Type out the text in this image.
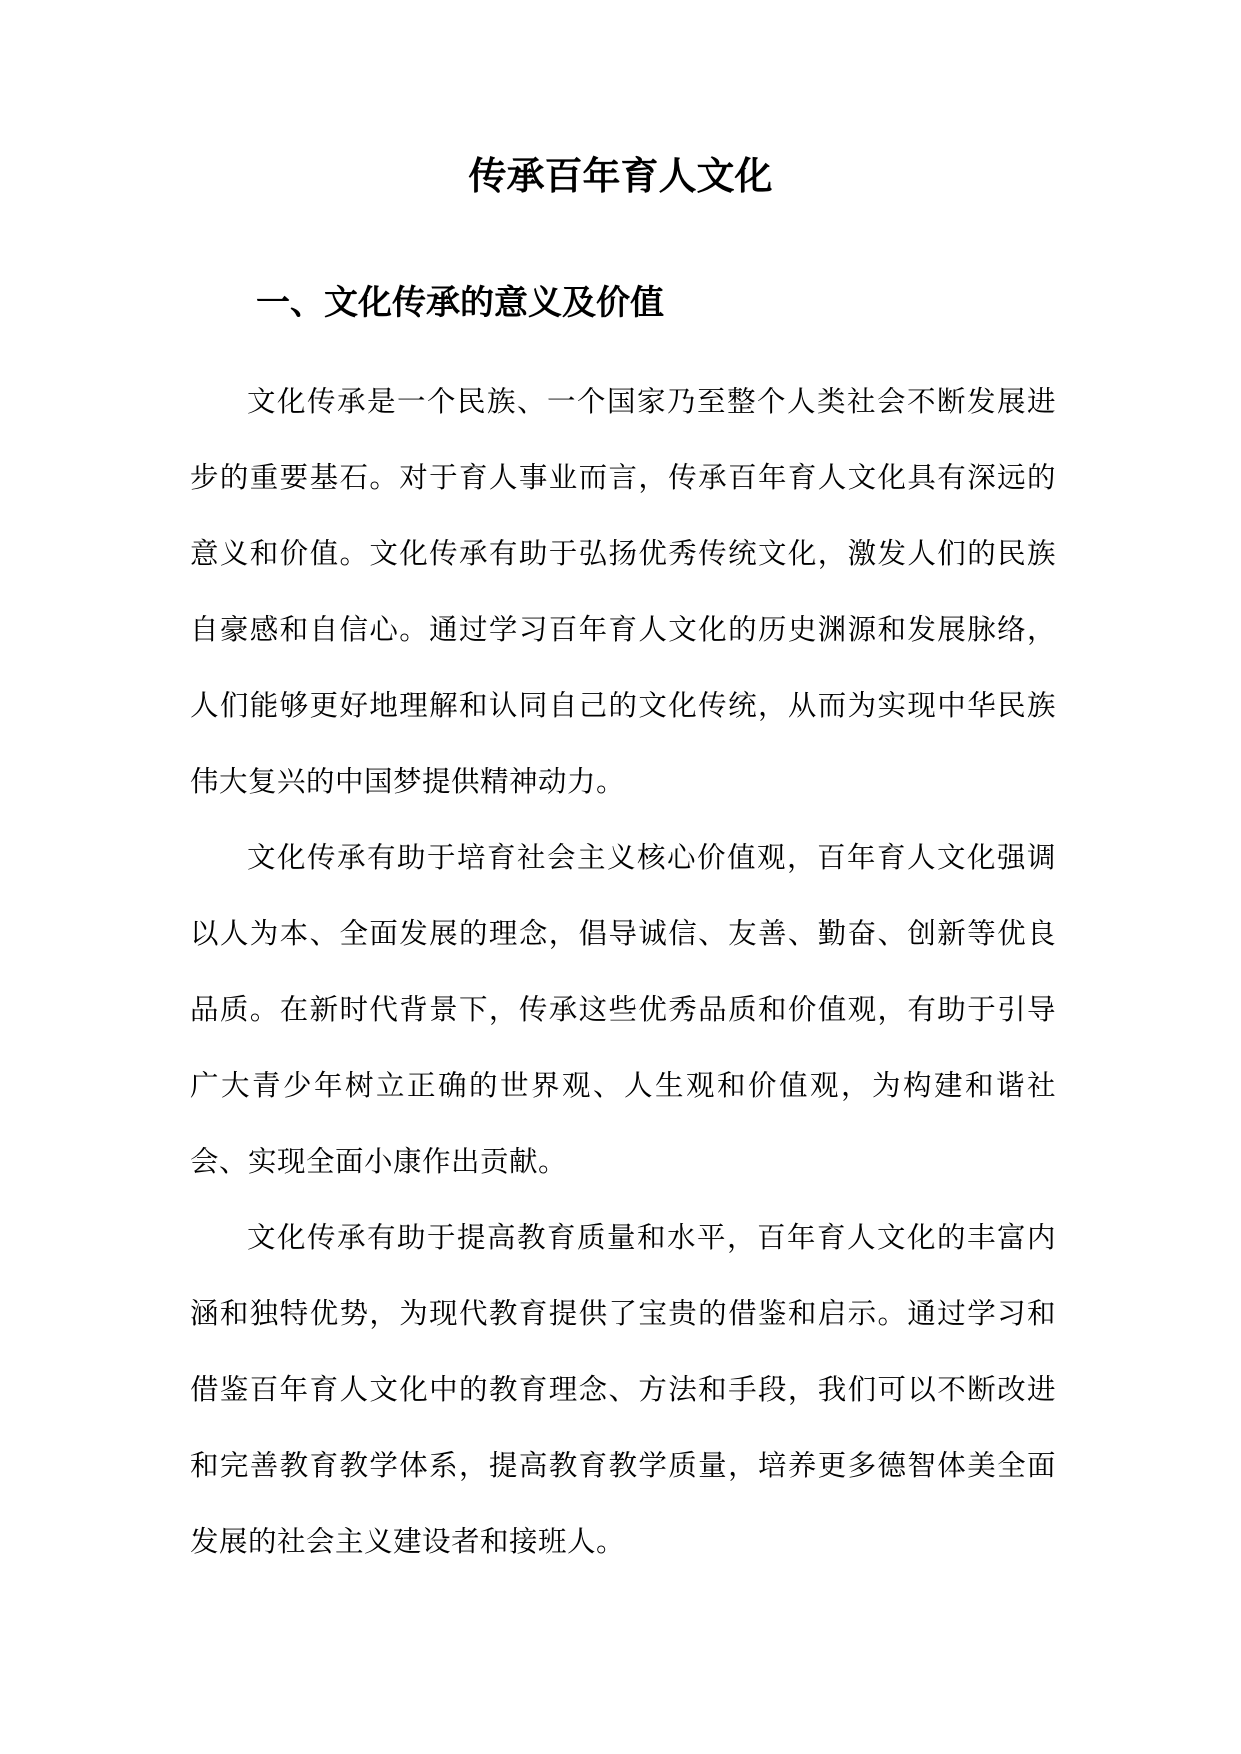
传承百年育人文化
一、文化传承的意义及价值

文化传承是一个民族、一个国家乃至整个人类社会不断发展进步的重要基石。对于育人事业而言，传承百年育人文化具有深远的意义和价值。文化传承有助于弘扬优秀传统文化，激发人们的民族自豪感和自信心。通过学习百年育人文化的历史渊源和发展脉络，人们能够更好地理解和认同自己的文化传统，从而为实现中华民族伟大复兴的中国梦提供精神动力。

文化传承有助于培育社会主义核心价值观，百年育人文化强调以人为本、全面发展的理念，倡导诚信、友善、勤奋、创新等优良品质。在新时代背景下，传承这些优秀品质和价值观，有助于引导广大青少年树立正确的世界观、人生观和价值观，为构建和谐社会、实现全面小康作出贡献。

文化传承有助于提高教育质量和水平，百年育人文化的丰富内涵和独特优势，为现代教育提供了宝贵的借鉴和启示。通过学习和借鉴百年育人文化中的教育理念、方法和手段，我们可以不断改进和完善教育教学体系，提高教育教学质量，培养更多德智体美全面发展的社会主义建设者和接班人。
